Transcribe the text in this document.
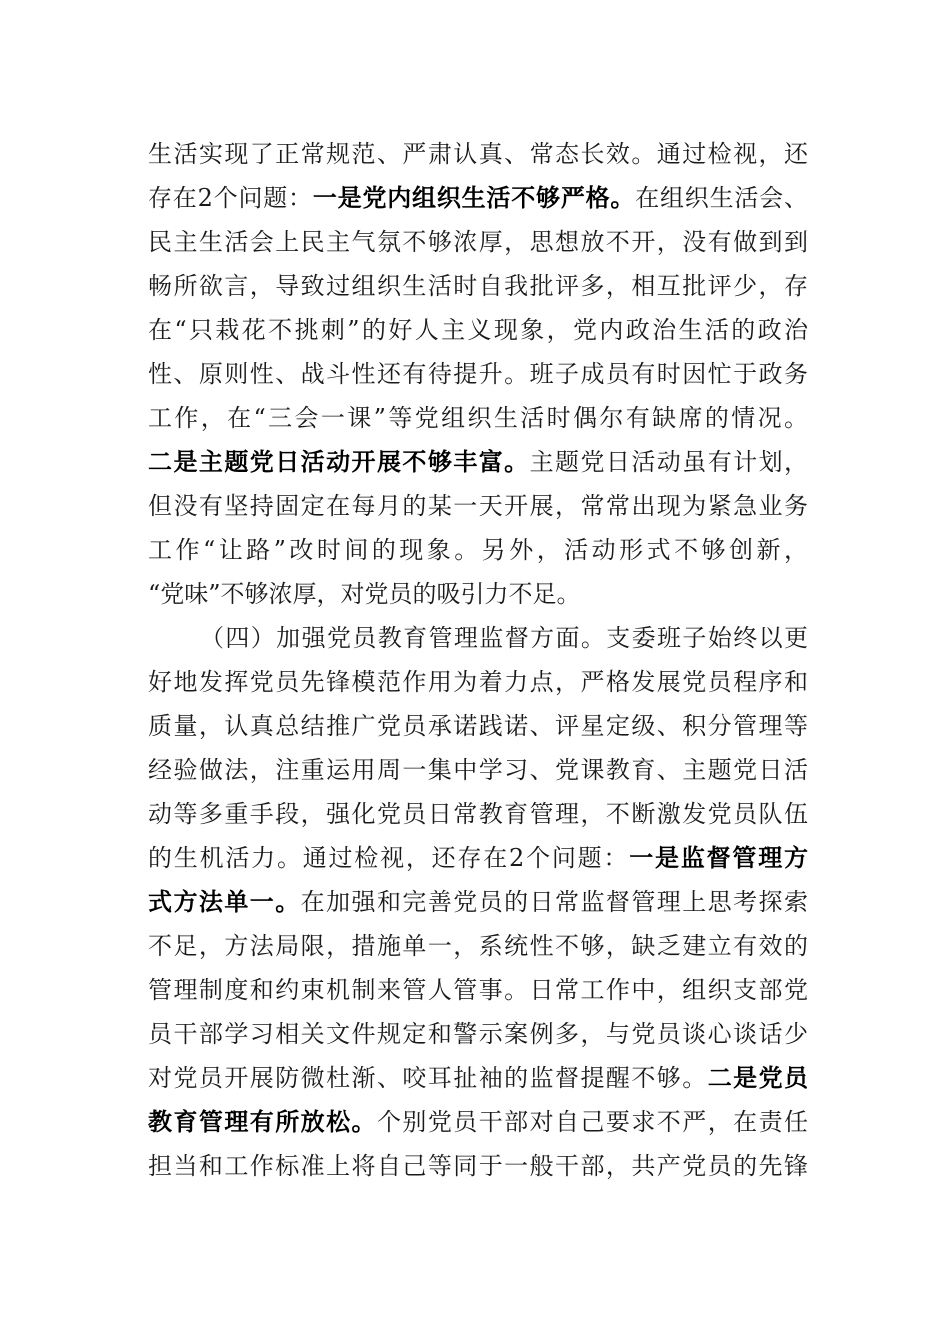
生活实现了正常规范、严肃认真、常态长效。通过检视，还
存在2个问题：一是党内组织生活不够严格。在组织生活会、
民主生活会上民主气氛不够浓厚，思想放不开，没有做到到
畅所欲言，导致过组织生活时自我批评多，相互批评少，存
在“只栽花不挑刺”的好人主义现象，党内政治生活的政治
性、原则性、战斗性还有待提升。班子成员有时因忙于政务
工作，在“三会一课”等党组织生活时偶尔有缺席的情况。
二是主题党日活动开展不够丰富。主题党日活动虽有计划，
但没有坚持固定在每月的某一天开展，常常出现为紧急业务
工作“让路”改时间的现象。另外，活动形式不够创新，
“党味”不够浓厚，对党员的吸引力不足。
（四）加强党员教育管理监督方面。支委班子始终以更
好地发挥党员先锋模范作用为着力点，严格发展党员程序和
质量，认真总结推广党员承诺践诺、评星定级、积分管理等
经验做法，注重运用周一集中学习、党课教育、主题党日活
动等多重手段，强化党员日常教育管理，不断激发党员队伍
的生机活力。通过检视，还存在2个问题：一是监督管理方
式方法单一。在加强和完善党员的日常监督管理上思考探索
不足，方法局限，措施单一，系统性不够，缺乏建立有效的
管理制度和约束机制来管人管事。日常工作中，组织支部党
员干部学习相关文件规定和警示案例多，与党员谈心谈话少
对党员开展防微杜渐、咬耳扯袖的监督提醒不够。二是党员
教育管理有所放松。个别党员干部对自己要求不严，在责任
担当和工作标准上将自己等同于一般干部，共产党员的先锋
